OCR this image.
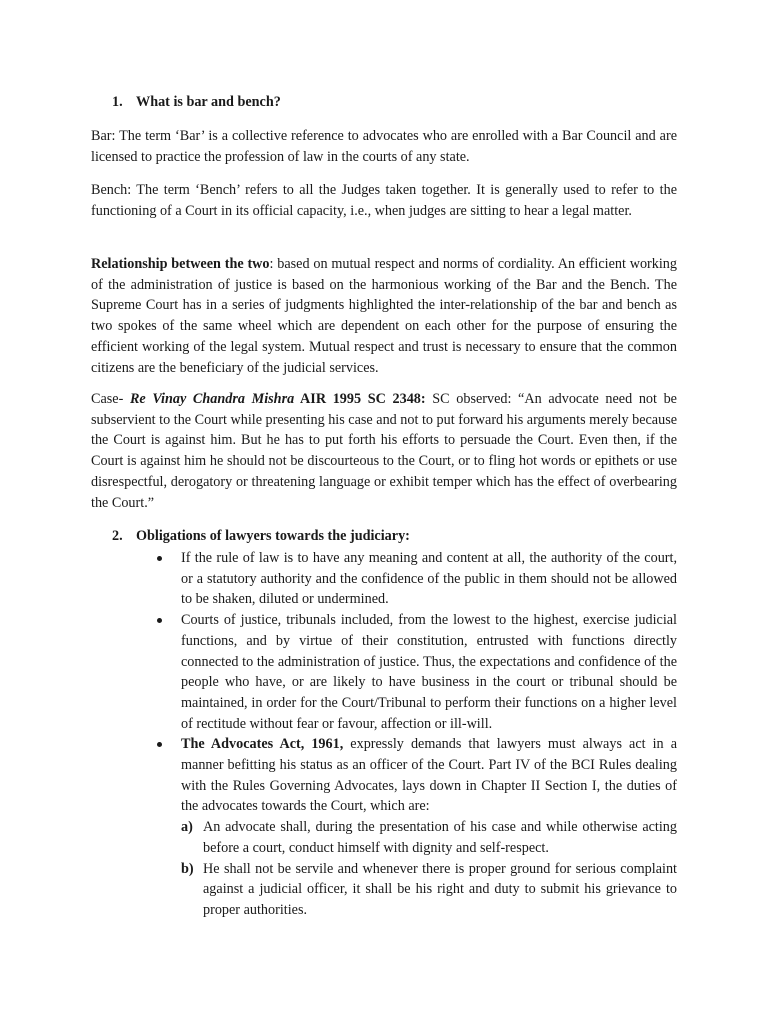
1. What is bar and bench?

Bar: The term ‘Bar’ is a collective reference to advocates who are enrolled with a Bar Council and are licensed to practice the profession of law in the courts of any state.

Bench: The term ‘Bench’ refers to all the Judges taken together. It is generally used to refer to the functioning of a Court in its official capacity, i.e., when judges are sitting to hear a legal matter.

Relationship between the two: based on mutual respect and norms of cordiality. An efficient working of the administration of justice is based on the harmonious working of the Bar and the Bench. The Supreme Court has in a series of judgments highlighted the inter-relationship of the bar and bench as two spokes of the same wheel which are dependent on each other for the purpose of ensuring the efficient working of the legal system. Mutual respect and trust is necessary to ensure that the common citizens are the beneficiary of the judicial services.

Case- Re Vinay Chandra Mishra AIR 1995 SC 2348: SC observed: “An advocate need not be subservient to the Court while presenting his case and not to put forward his arguments merely because the Court is against him. But he has to put forth his efforts to persuade the Court. Even then, if the Court is against him he should not be discourteous to the Court, or to fling hot words or epithets or use disrespectful, derogatory or threatening language or exhibit temper which has the effect of overbearing the Court.”

2. Obligations of lawyers towards the judiciary:
If the rule of law is to have any meaning and content at all, the authority of the court, or a statutory authority and the confidence of the public in them should not be allowed to be shaken, diluted or undermined.
Courts of justice, tribunals included, from the lowest to the highest, exercise judicial functions, and by virtue of their constitution, entrusted with functions directly connected to the administration of justice. Thus, the expectations and confidence of the people who have, or are likely to have business in the court or tribunal should be maintained, in order for the Court/Tribunal to perform their functions on a higher level of rectitude without fear or favour, affection or ill-will.
The Advocates Act, 1961, expressly demands that lawyers must always act in a manner befitting his status as an officer of the Court. Part IV of the BCI Rules dealing with the Rules Governing Advocates, lays down in Chapter II Section I, the duties of the advocates towards the Court, which are:
a) An advocate shall, during the presentation of his case and while otherwise acting before a court, conduct himself with dignity and self-respect.
b) He shall not be servile and whenever there is proper ground for serious complaint against a judicial officer, it shall be his right and duty to submit his grievance to proper authorities.
